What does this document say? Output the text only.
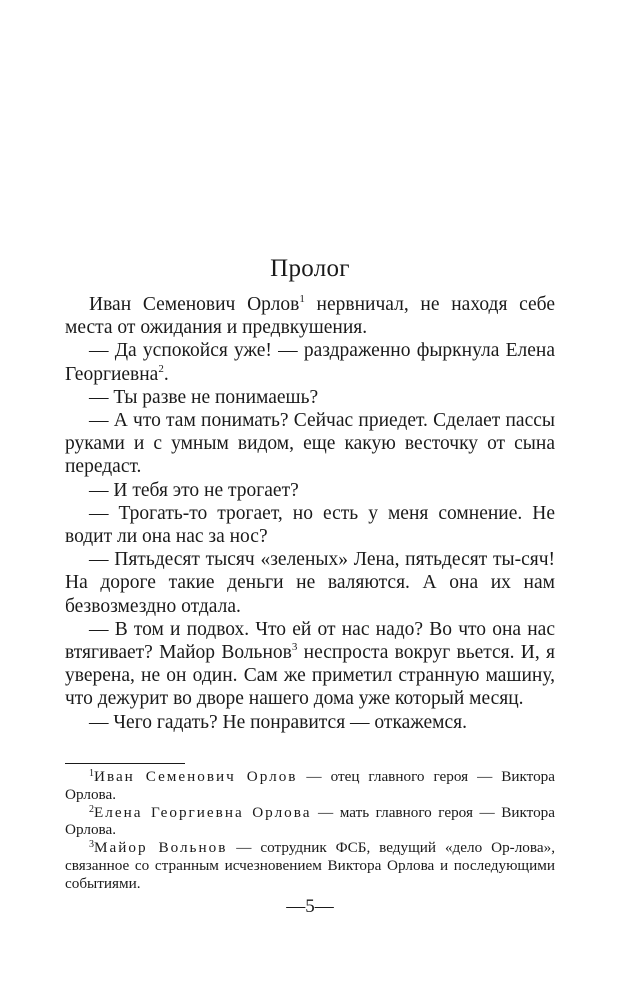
Пролог

Иван Семенович Орлов$^1$ нервничал, не находя себе места от ожидания и предвкушения.

— Да успокойся уже! — раздраженно фыркнула Елена Георгиевна$^2$.

— Ты разве не понимаешь?

— А что там понимать? Сейчас приедет. Сделает пассы руками и с умным видом, еще какую весточку от сына передаст.

— И тебя это не трогает?

— Трогать-то трогает, но есть у меня сомнение. Не водит ли она нас за нос?

— Пятьдесят тысяч «зеленых» Лена, пятьдесят ты-сяч! На дороге такие деньги не валяются. А она их нам безвозмездно отдала.

— В том и подвох. Что ей от нас надо? Во что она нас втягивает? Майор Вольнов$^3$ неспроста вокруг вьется. И, я уверена, не он один. Сам же приметил странную машину, что дежурит во дворе нашего дома уже который месяц.

— Чего гадать? Не понравится — откажемся.

$^1$Иван Семенович Орлов — отец главного героя — Виктора Орлова.

$^2$Елена Георгиевна Орлова — мать главного героя — Виктора Орлова.

$^3$Майор Вольнов — сотрудник ФСБ, ведущий «дело Ор-лова», связанное со странным исчезновением Виктора Орлова и последующими событиями.

—5—
